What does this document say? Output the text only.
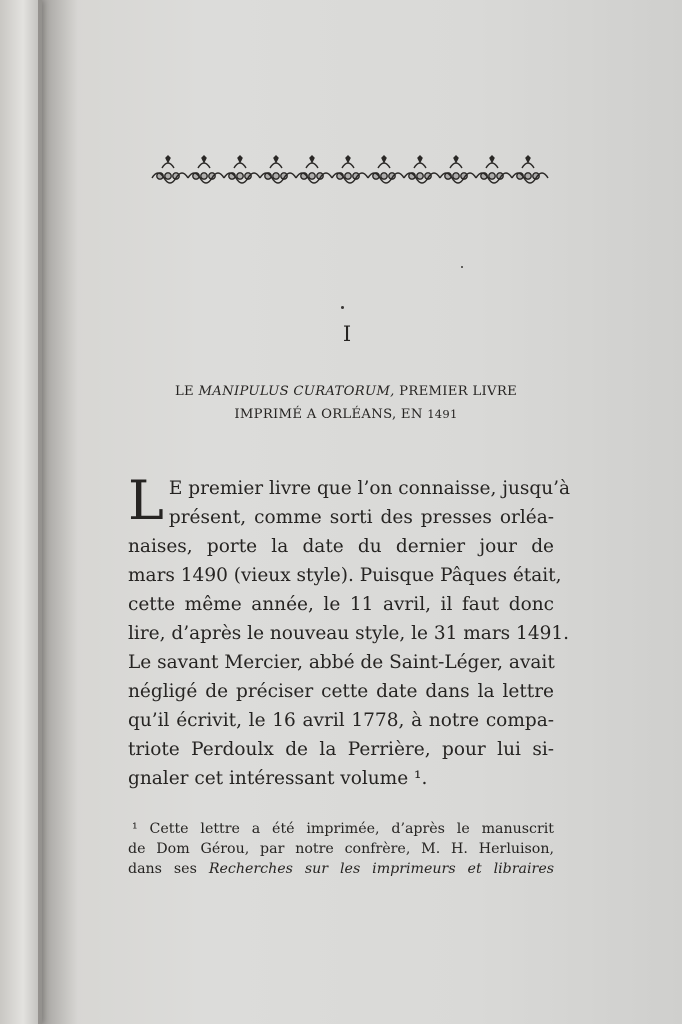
I
LE MANIPULUS CURATORUM, PREMIER LIVRE
IMPRIMÉ A ORLÉANS, EN 1491
L E premier livre que l’on connaisse, jusqu’à
présent, comme sorti des presses orléa-
naises, porte la date du dernier jour de
mars 1490 (vieux style). Puisque Pâques était,
cette même année, le 11 avril, il faut donc
lire, d’après le nouveau style, le 31 mars 1491.
Le savant Mercier, abbé de Saint-Léger, avait
négligé de préciser cette date dans la lettre
qu’il écrivit, le 16 avril 1778, à notre compa-
triote Perdoulx de la Perrière, pour lui si-
gnaler cet intéressant volume ¹.
¹ Cette lettre a été imprimée, d’après le manuscrit
de Dom Gérou, par notre confrère, M. H. Herluison,
dans ses Recherches sur les imprimeurs et libraires
